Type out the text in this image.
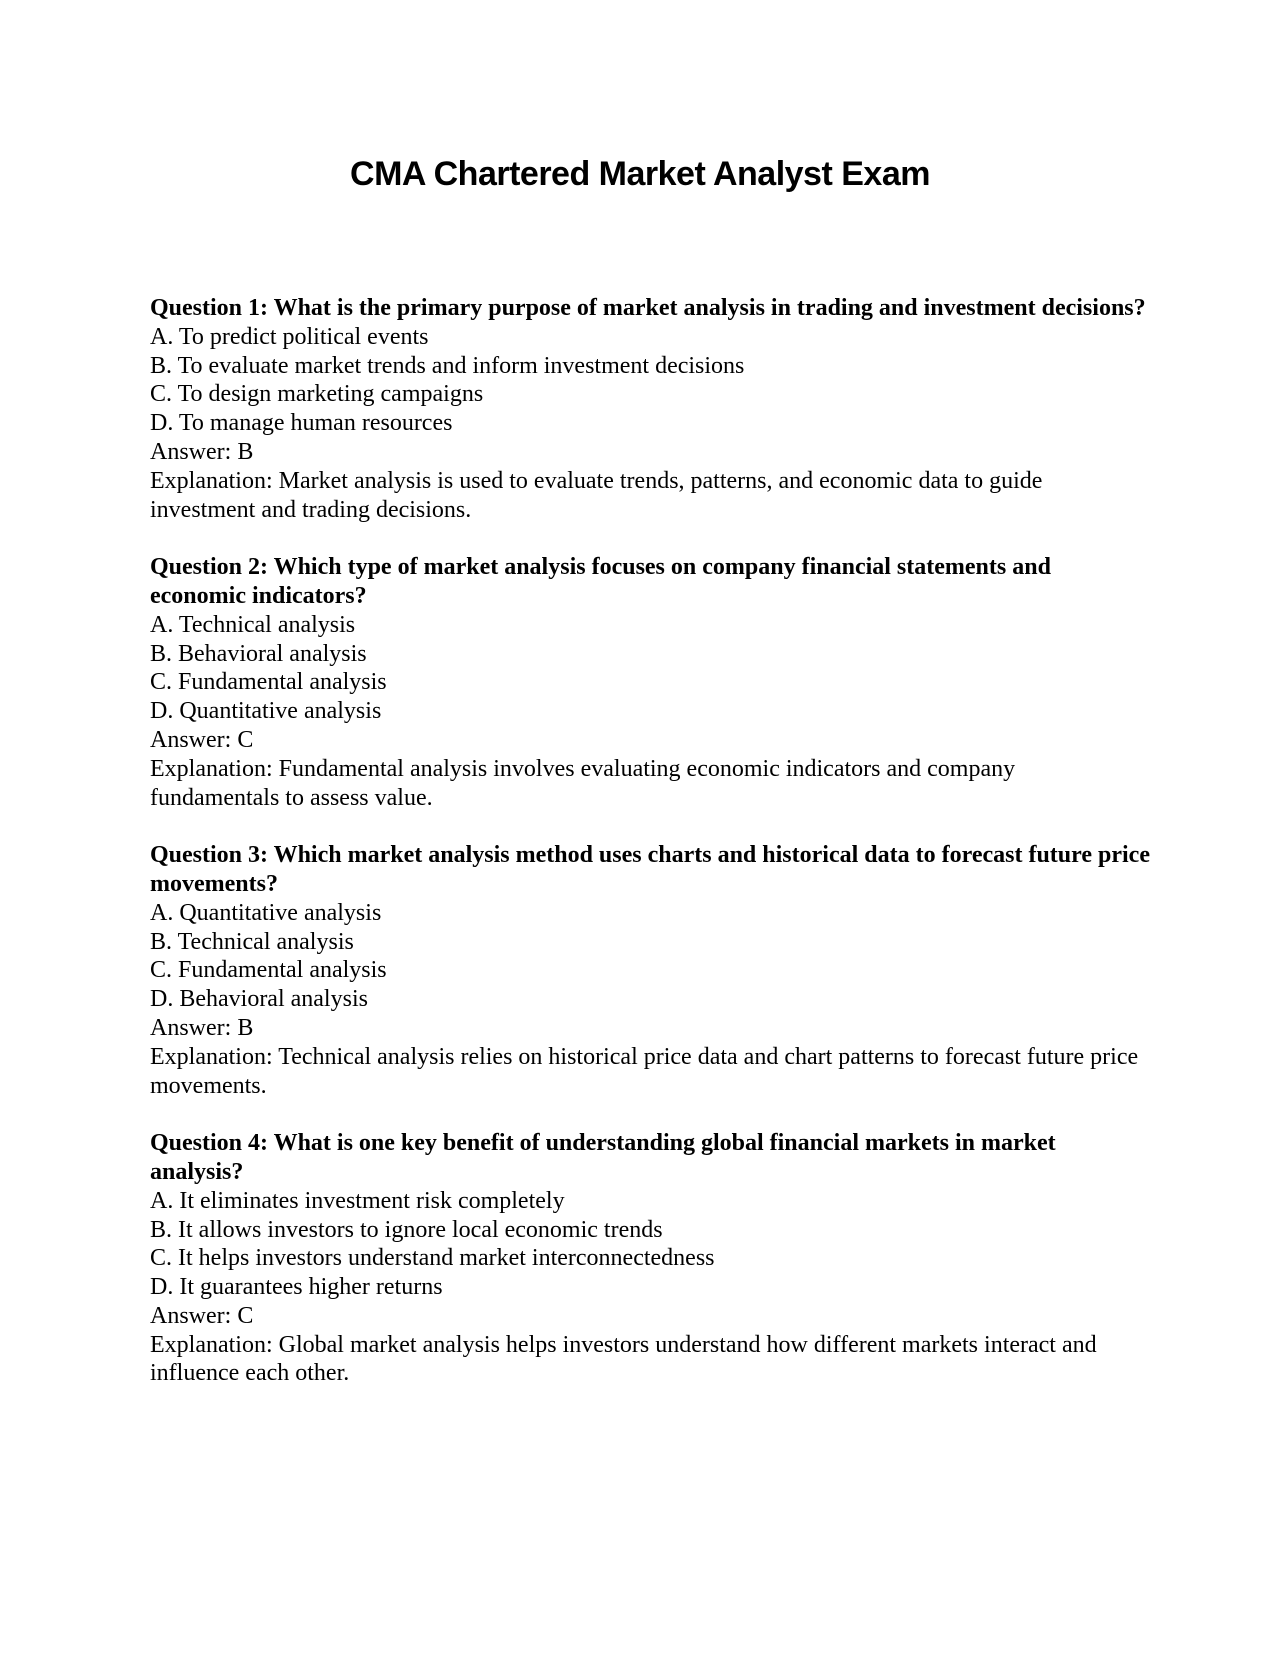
CMA Chartered Market Analyst Exam

Question 1: What is the primary purpose of market analysis in trading and investment decisions?

A. To predict political events

B. To evaluate market trends and inform investment decisions

C. To design marketing campaigns

D. To manage human resources

Answer: B

Explanation: Market analysis is used to evaluate trends, patterns, and economic data to guide investment and trading decisions.

Question 2: Which type of market analysis focuses on company financial statements and economic indicators?

A. Technical analysis

B. Behavioral analysis

C. Fundamental analysis

D. Quantitative analysis

Answer: C

Explanation: Fundamental analysis involves evaluating economic indicators and company fundamentals to assess value.

Question 3: Which market analysis method uses charts and historical data to forecast future price movements?

A. Quantitative analysis

B. Technical analysis

C. Fundamental analysis

D. Behavioral analysis

Answer: B

Explanation: Technical analysis relies on historical price data and chart patterns to forecast future price movements.

Question 4: What is one key benefit of understanding global financial markets in market analysis?

A. It eliminates investment risk completely

B. It allows investors to ignore local economic trends

C. It helps investors understand market interconnectedness

D. It guarantees higher returns

Answer: C

Explanation: Global market analysis helps investors understand how different markets interact and influence each other.
